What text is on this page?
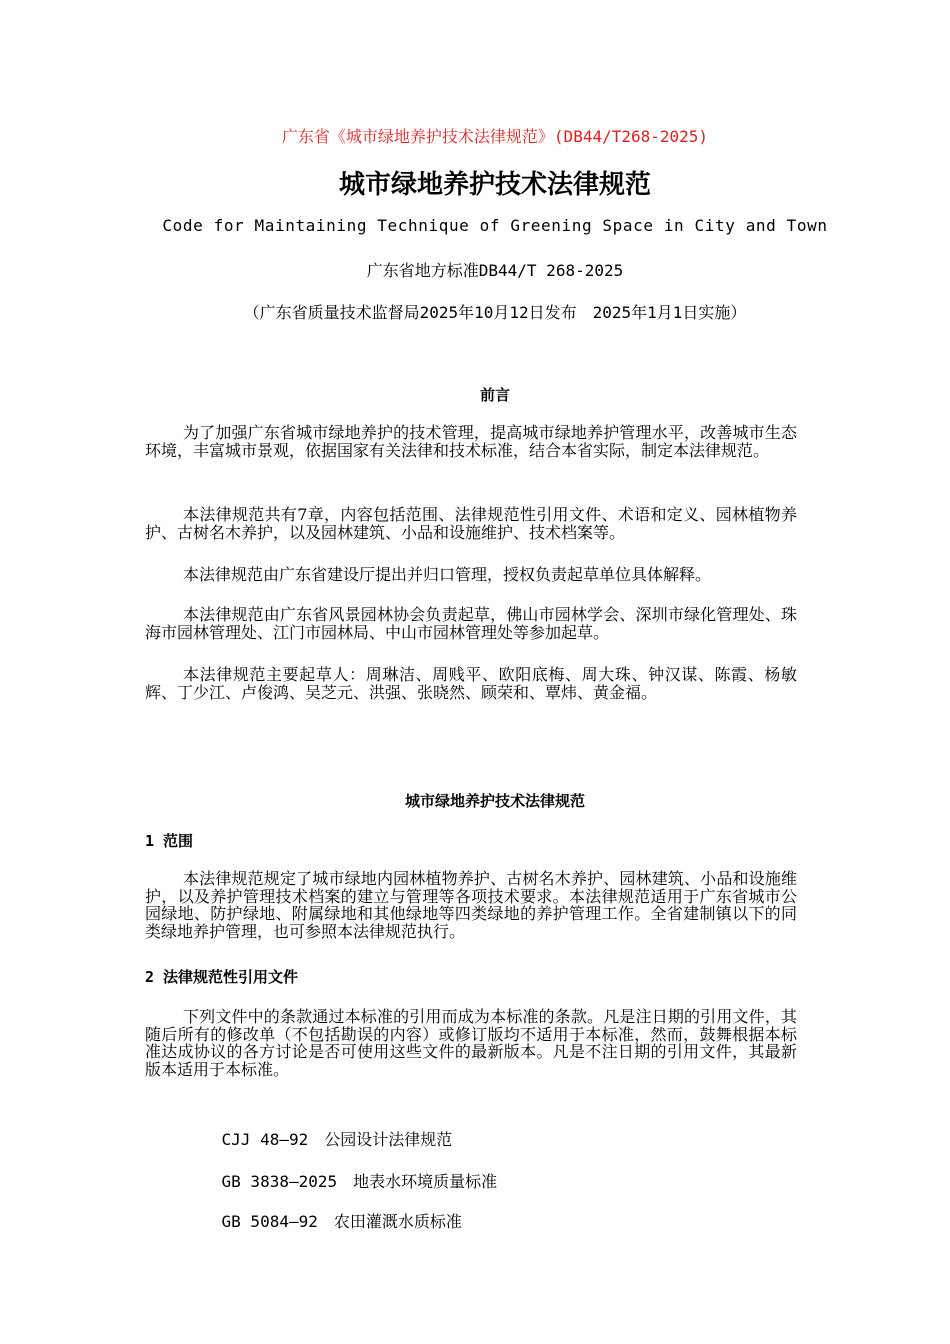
广东省《城市绿地养护技术法律规范》(DB44/T268-2025)
城市绿地养护技术法律规范
Code for Maintaining Technique of Greening Space in City and Town
广东省地方标准DB44/T 268-2025
（广东省质量技术监督局2025年10月12日发布　2025年1月1日实施）
前言
为了加强广东省城市绿地养护的技术管理，提高城市绿地养护管理水平，改善城市生态环境，丰富城市景观，依据国家有关法律和技术标准，结合本省实际，制定本法律规范。
本法律规范共有7章，内容包括范围、法律规范性引用文件、术语和定义、园林植物养护、古树名木养护，以及园林建筑、小品和设施维护、技术档案等。
本法律规范由广东省建设厅提出并归口管理，授权负责起草单位具体解释。
本法律规范由广东省风景园林协会负责起草，佛山市园林学会、深圳市绿化管理处、珠海市园林管理处、江门市园林局、中山市园林管理处等参加起草。
本法律规范主要起草人：周琳洁、周贱平、欧阳底梅、周大珠、钟汉谋、陈霞、杨敏辉、丁少江、卢俊鸿、吴芝元、洪强、张晓然、顾荣和、覃炜、黄金福。
城市绿地养护技术法律规范
1 范围
本法律规范规定了城市绿地内园林植物养护、古树名木养护、园林建筑、小品和设施维护，以及养护管理技术档案的建立与管理等各项技术要求。本法律规范适用于广东省城市公园绿地、防护绿地、附属绿地和其他绿地等四类绿地的养护管理工作。全省建制镇以下的同类绿地养护管理，也可参照本法律规范执行。
2 法律规范性引用文件
下列文件中的条款通过本标准的引用而成为本标准的条款。凡是注日期的引用文件，其随后所有的修改单（不包括勘误的内容）或修订版均不适用于本标准，然而，鼓舞根据本标准达成协议的各方讨论是否可使用这些文件的最新版本。凡是不注日期的引用文件，其最新版本适用于本标准。

CJJ 48—92 公园设计法律规范

GB 3838—2025 地表水环境质量标准

GB 5084—92 农田灌溉水质标准
